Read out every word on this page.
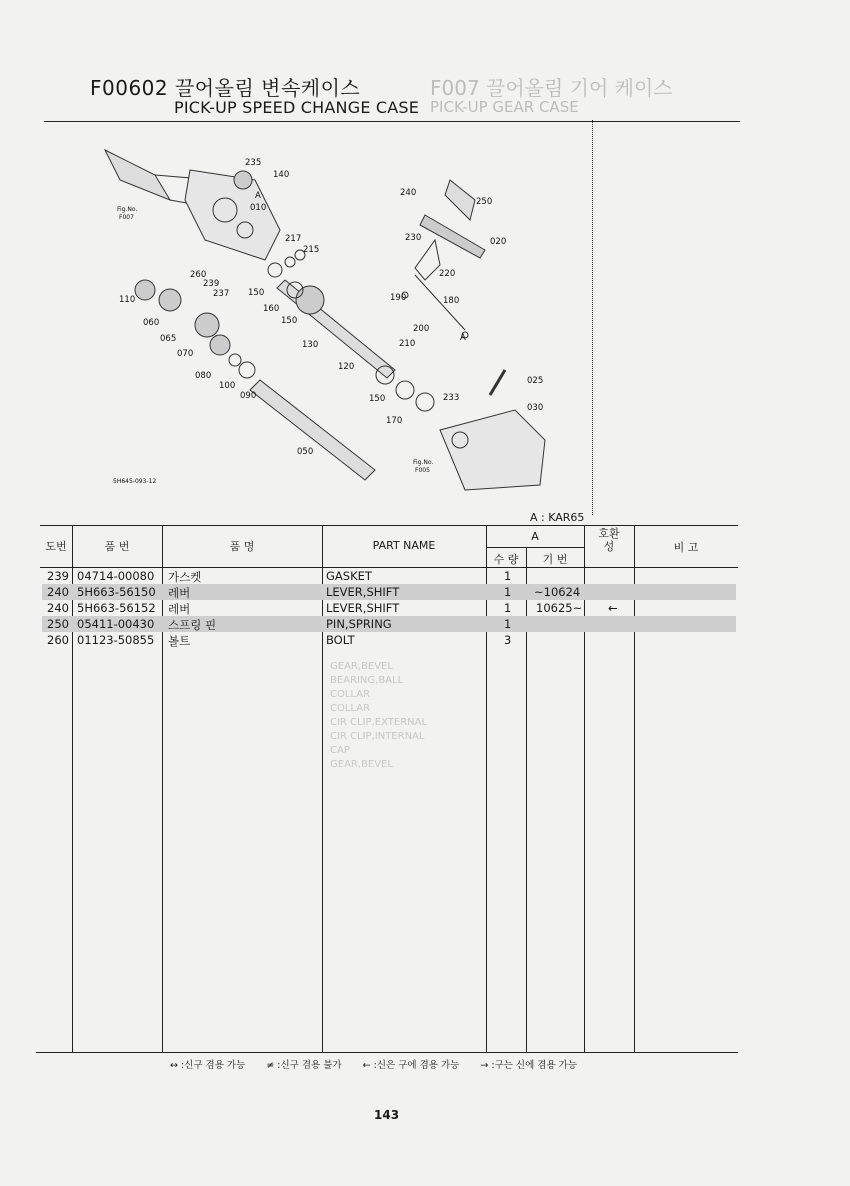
F007 끌어올림 기어 케이스
PICK-UP GEAR CASE
F00602 끌어올림 변속케이스
PICK-UP SPEED CHANGE CASE
235
140
010
240
250
217
215
230	020
260
239
237
220
110
150
160
190	180
060	150
065
200
210
070
130
080
120
100
090	150
025
233
030
170
050
A
A
Fig.No.
F007
Fig.No.
F005
5H645-093-12
A : KAR65
도번	품 번	품 명	PART NAME
A
수 량	기 번
호환성	비 고
239 04714-00080 가스켓	GASKET	1
240 5H663-56150 레버	LEVER,SHIFT	1 ~10624
240 5H663-56152 레버	LEVER,SHIFT	1 10625~ ←
250 05411-00430 스프링 핀	PIN,SPRING	1
260 01123-50855 볼트	BOLT	3
GEAR,BEVEL
BEARING,BALL
COLLAR
COLLAR
CIR CLIP,EXTERNAL
CIR CLIP,INTERNAL
CAP
GEAR,BEVEL
↔ :신구 겸용 가능 ≠ :신구 겸용 불가 ← :신은 구에 겸용 가능 → :구는 신에 겸용 가능
143
